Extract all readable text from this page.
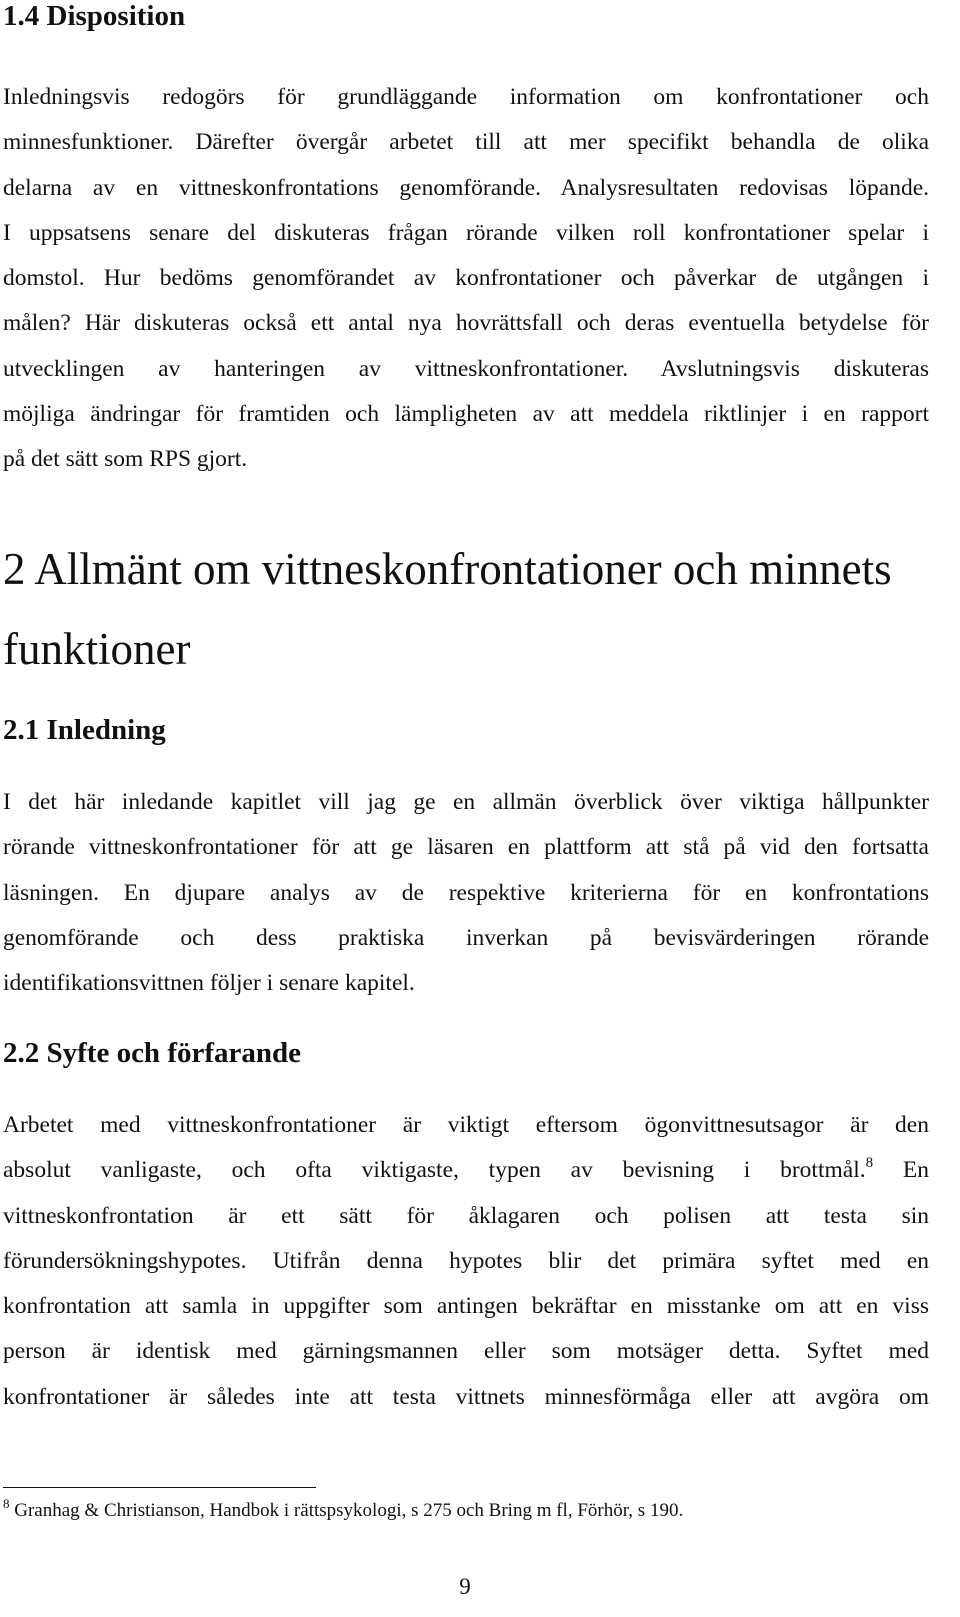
1.4 Disposition
Inledningsvis redogörs för grundläggande information om konfrontationer och
minnesfunktioner. Därefter övergår arbetet till att mer specifikt behandla de olika
delarna av en vittneskonfrontations genomförande. Analysresultaten redovisas löpande.
I uppsatsens senare del diskuteras frågan rörande vilken roll konfrontationer spelar i
domstol. Hur bedöms genomförandet av konfrontationer och påverkar de utgången i
målen? Här diskuteras också ett antal nya hovrättsfall och deras eventuella betydelse för
utvecklingen av hanteringen av vittneskonfrontationer. Avslutningsvis diskuteras
möjliga ändringar för framtiden och lämpligheten av att meddela riktlinjer i en rapport
på det sätt som RPS gjort.
2 Allmänt om vittneskonfrontationer och minnets
funktioner
2.1 Inledning
I det här inledande kapitlet vill jag ge en allmän överblick över viktiga hållpunkter
rörande vittneskonfrontationer för att ge läsaren en plattform att stå på vid den fortsatta
läsningen. En djupare analys av de respektive kriterierna för en konfrontations
genomförande och dess praktiska inverkan på bevisvärderingen rörande
identifikationsvittnen följer i senare kapitel.
2.2 Syfte och förfarande
Arbetet med vittneskonfrontationer är viktigt eftersom ögonvittnesutsagor är den
absolut vanligaste, och ofta viktigaste, typen av bevisning i brottmål.$^8$ En
vittneskonfrontation är ett sätt för åklagaren och polisen att testa sin
förundersökningshypotes. Utifrån denna hypotes blir det primära syftet med en
konfrontation att samla in uppgifter som antingen bekräftar en misstanke om att en viss
person är identisk med gärningsmannen eller som motsäger detta. Syftet med
konfrontationer är således inte att testa vittnets minnesförmåga eller att avgöra om
$^8$ Granhag & Christianson, Handbok i rättspsykologi, s 275 och Bring m fl, Förhör, s 190.
9
